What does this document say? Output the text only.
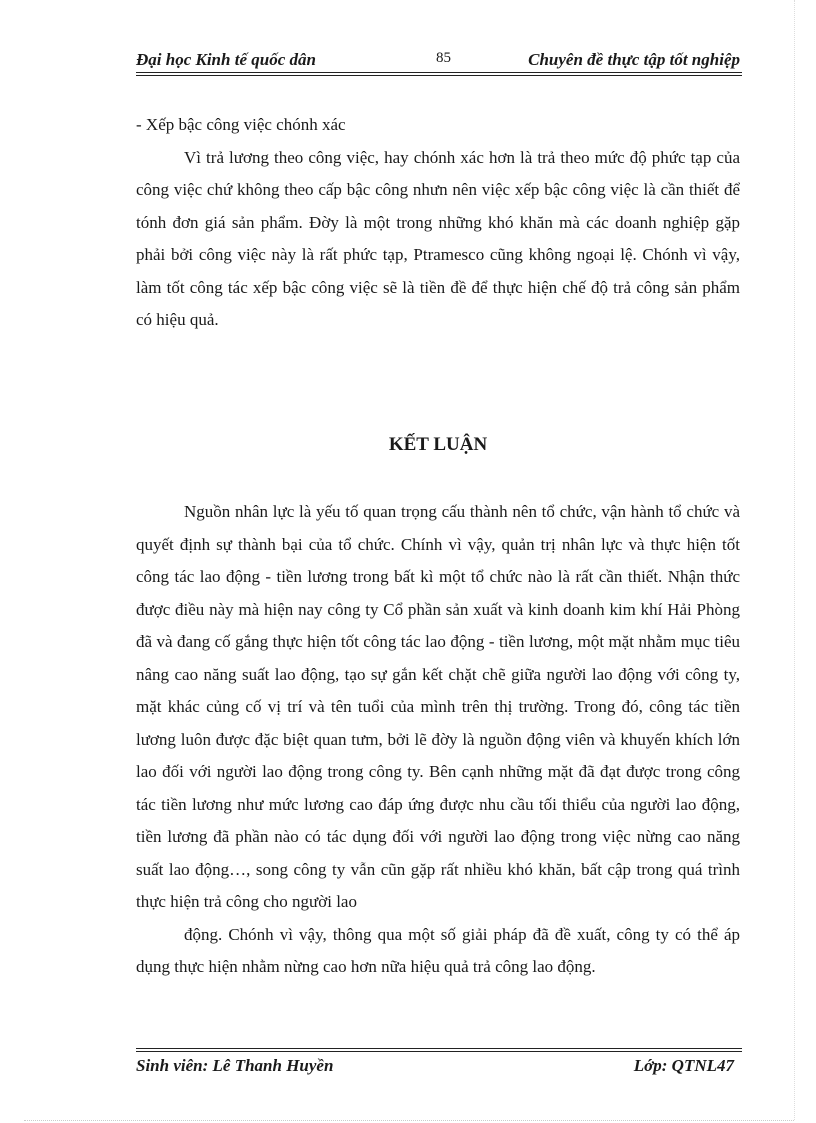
Đại học Kinh tế quốc dân	85	Chuyên đề thực tập tốt nghiệp

- Xếp bậc công việc chónh xác

Vì trả lương theo công việc, hay chónh xác hơn là trả theo mức độ phức tạp của công việc chứ không theo cấp bậc công nhưn nên việc xếp bậc công việc là cần thiết để tónh đơn giá sản phẩm. Đờy là một trong những khó khăn mà các doanh nghiệp gặp phải bởi công việc này là rất phức tạp, Ptramesco cũng không ngoại lệ. Chónh vì vậy, làm tốt công tác xếp bậc công việc sẽ là tiền đề để thực hiện chế độ trả công sản phẩm có hiệu quả.

KẾT LUẬN

Nguồn nhân lực là yếu tố quan trọng cấu thành nên tổ chức, vận hành tổ chức và quyết định sự thành bại của tổ chức. Chính vì vậy, quản trị nhân lực và thực hiện tốt công tác lao động - tiền lương trong bất kì một tổ chức nào là rất cần thiết. Nhận thức được điều này mà hiện nay công ty Cổ phần sản xuất và kinh doanh kim khí Hải Phòng đã và đang cố gắng thực hiện tốt công tác lao động - tiền lương, một mặt nhằm mục tiêu nâng cao năng suất lao động, tạo sự gắn kết chặt chẽ giữa người lao động với công ty, mặt khác củng cố vị trí và tên tuổi của mình trên thị trường. Trong đó, công tác tiền lương luôn được đặc biệt quan tưm, bởi lẽ đờy là nguồn động viên và khuyến khích lớn lao đối với người lao động trong công ty. Bên cạnh những mặt đã đạt được trong công tác tiền lương như mức lương cao đáp ứng được nhu cầu tối thiểu của người lao động, tiền lương đã phần nào có tác dụng đối với người lao động trong việc nừng cao năng suất lao động…, song công ty vẫn cũn gặp rất nhiều khó khăn, bất cập trong quá trình thực hiện trả công cho người lao

động. Chónh vì vậy, thông qua một số giải pháp đã đề xuất, công ty có thể áp dụng thực hiện nhằm nừng cao hơn nữa hiệu quả trả công lao động.

Sinh viên: Lê Thanh Huyền	Lớp: QTNL47
